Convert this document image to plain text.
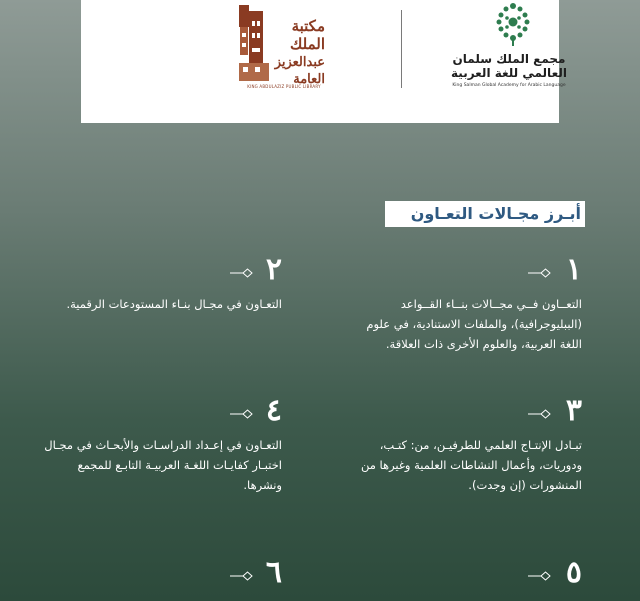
مكتبة
الملك
عبدالعزيز
العامة
KING ABDULAZIZ PUBLIC LIBRARY
مجمع الملك سلمان
العالمي للغة العربية
King Salman Global Academy for Arabic Language
أبـرز مجـالات التعـاون
١
التعــاون فــي مجــالات بنــاء القــواعد (الببليوجرافية)، والملفات الاستنادية، في علوم اللغة العربية، والعلوم الأخرى ذات العلاقة.
٢
التعـاون في مجـال بنـاء المستودعات الرقمية.
٣
تبـادل الإنتـاج العلمي للطرفيـن، من: كتـب، ودوريات، وأعمال النشاطات العلمية وغيرها من المنشورات (إن وجدت).
٤
التعـاون في إعـداد الدراسـات والأبحـاث في مجـال اختبـار كفايـات اللغـة العربيـة التابـع للمجمع ونشرها.
٥
٦
